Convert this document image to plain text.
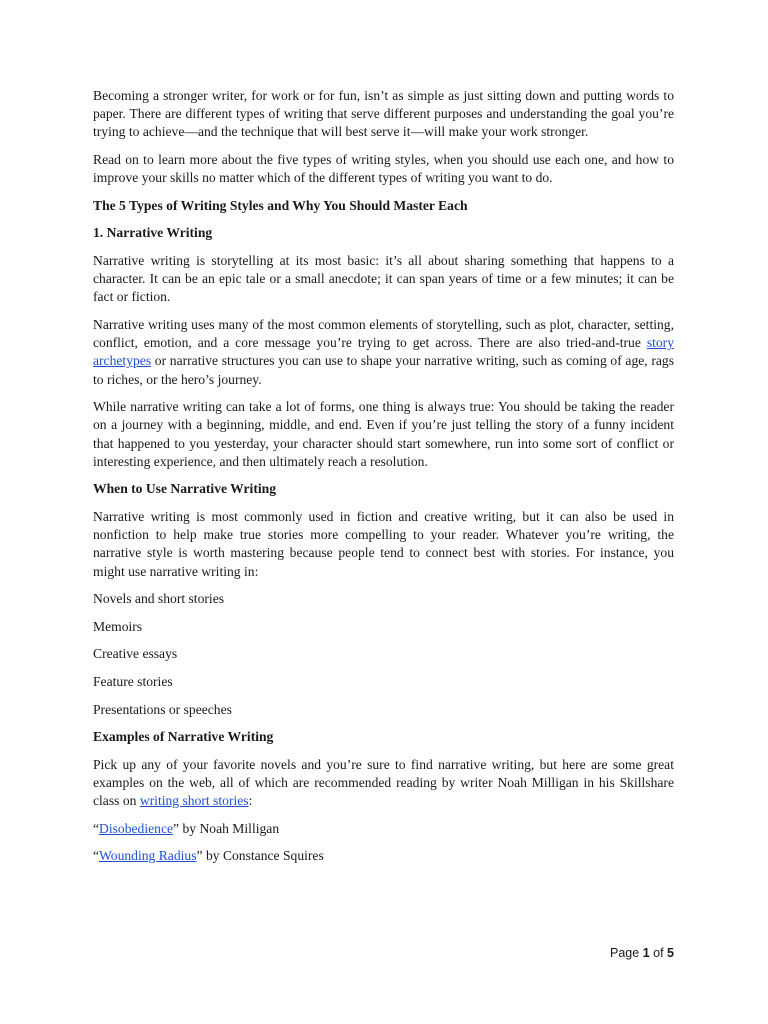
Becoming a stronger writer, for work or for fun, isn’t as simple as just sitting down and putting words to paper. There are different types of writing that serve different purposes and understanding the goal you’re trying to achieve—and the technique that will best serve it—will make your work stronger.

Read on to learn more about the five types of writing styles, when you should use each one, and how to improve your skills no matter which of the different types of writing you want to do.

The 5 Types of Writing Styles and Why You Should Master Each

1. Narrative Writing

Narrative writing is storytelling at its most basic: it’s all about sharing something that happens to a character. It can be an epic tale or a small anecdote; it can span years of time or a few minutes; it can be fact or fiction.

Narrative writing uses many of the most common elements of storytelling, such as plot, character, setting, conflict, emotion, and a core message you’re trying to get across. There are also tried-and-true story archetypes or narrative structures you can use to shape your narrative writing, such as coming of age, rags to riches, or the hero’s journey.

While narrative writing can take a lot of forms, one thing is always true: You should be taking the reader on a journey with a beginning, middle, and end. Even if you’re just telling the story of a funny incident that happened to you yesterday, your character should start somewhere, run into some sort of conflict or interesting experience, and then ultimately reach a resolution.

When to Use Narrative Writing

Narrative writing is most commonly used in fiction and creative writing, but it can also be used in nonfiction to help make true stories more compelling to your reader. Whatever you’re writing, the narrative style is worth mastering because people tend to connect best with stories. For instance, you might use narrative writing in:

Novels and short stories

Memoirs

Creative essays

Feature stories

Presentations or speeches

Examples of Narrative Writing

Pick up any of your favorite novels and you’re sure to find narrative writing, but here are some great examples on the web, all of which are recommended reading by writer Noah Milligan in his Skillshare class on writing short stories:

“Disobedience” by Noah Milligan

“Wounding Radius” by Constance Squires

Page 1 of 5
